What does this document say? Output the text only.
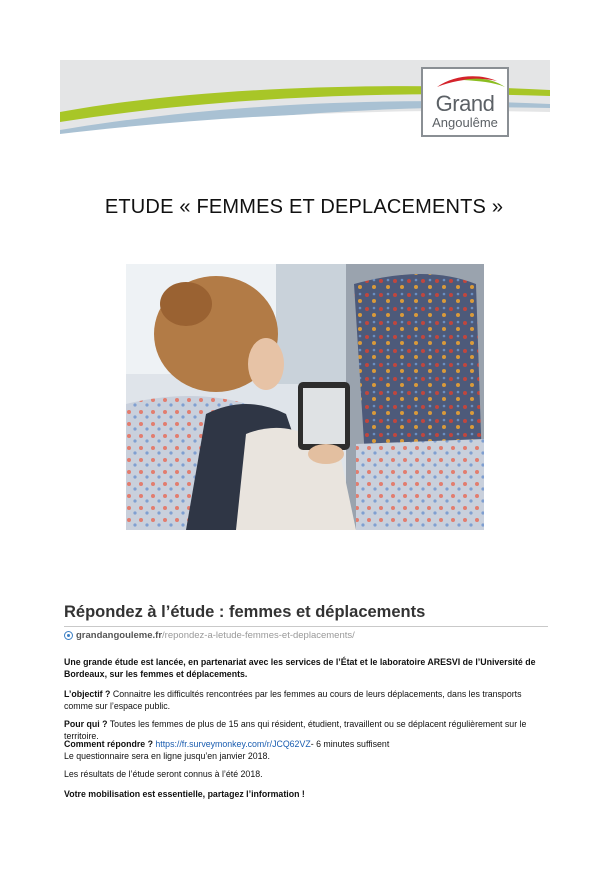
Grand
Angoulême
ETUDE « FEMMES ET DEPLACEMENTS »
Répondez à l’étude : femmes et déplacements
grandangouleme.fr /repondez-a-letude-femmes-et-deplacements/
Une grande étude est lancée, en partenariat avec les services de l’État et le laboratoire ARESVI de l’Université de Bordeaux, sur les femmes et déplacements.
L’objectif ? Connaitre les difficultés rencontrées par les femmes au cours de leurs déplacements, dans les transports comme sur l’espace public.
Pour qui ? Toutes les femmes de plus de 15 ans qui résident, étudient, travaillent ou se déplacent régulièrement sur le territoire.
Comment répondre ? https://fr.surveymonkey.com/r/JCQ62VZ- 6 minutes suffisent
Le questionnaire sera en ligne jusqu’en janvier 2018.
Les résultats de l’étude seront connus à l’été 2018.
Votre mobilisation est essentielle, partagez l’information !
